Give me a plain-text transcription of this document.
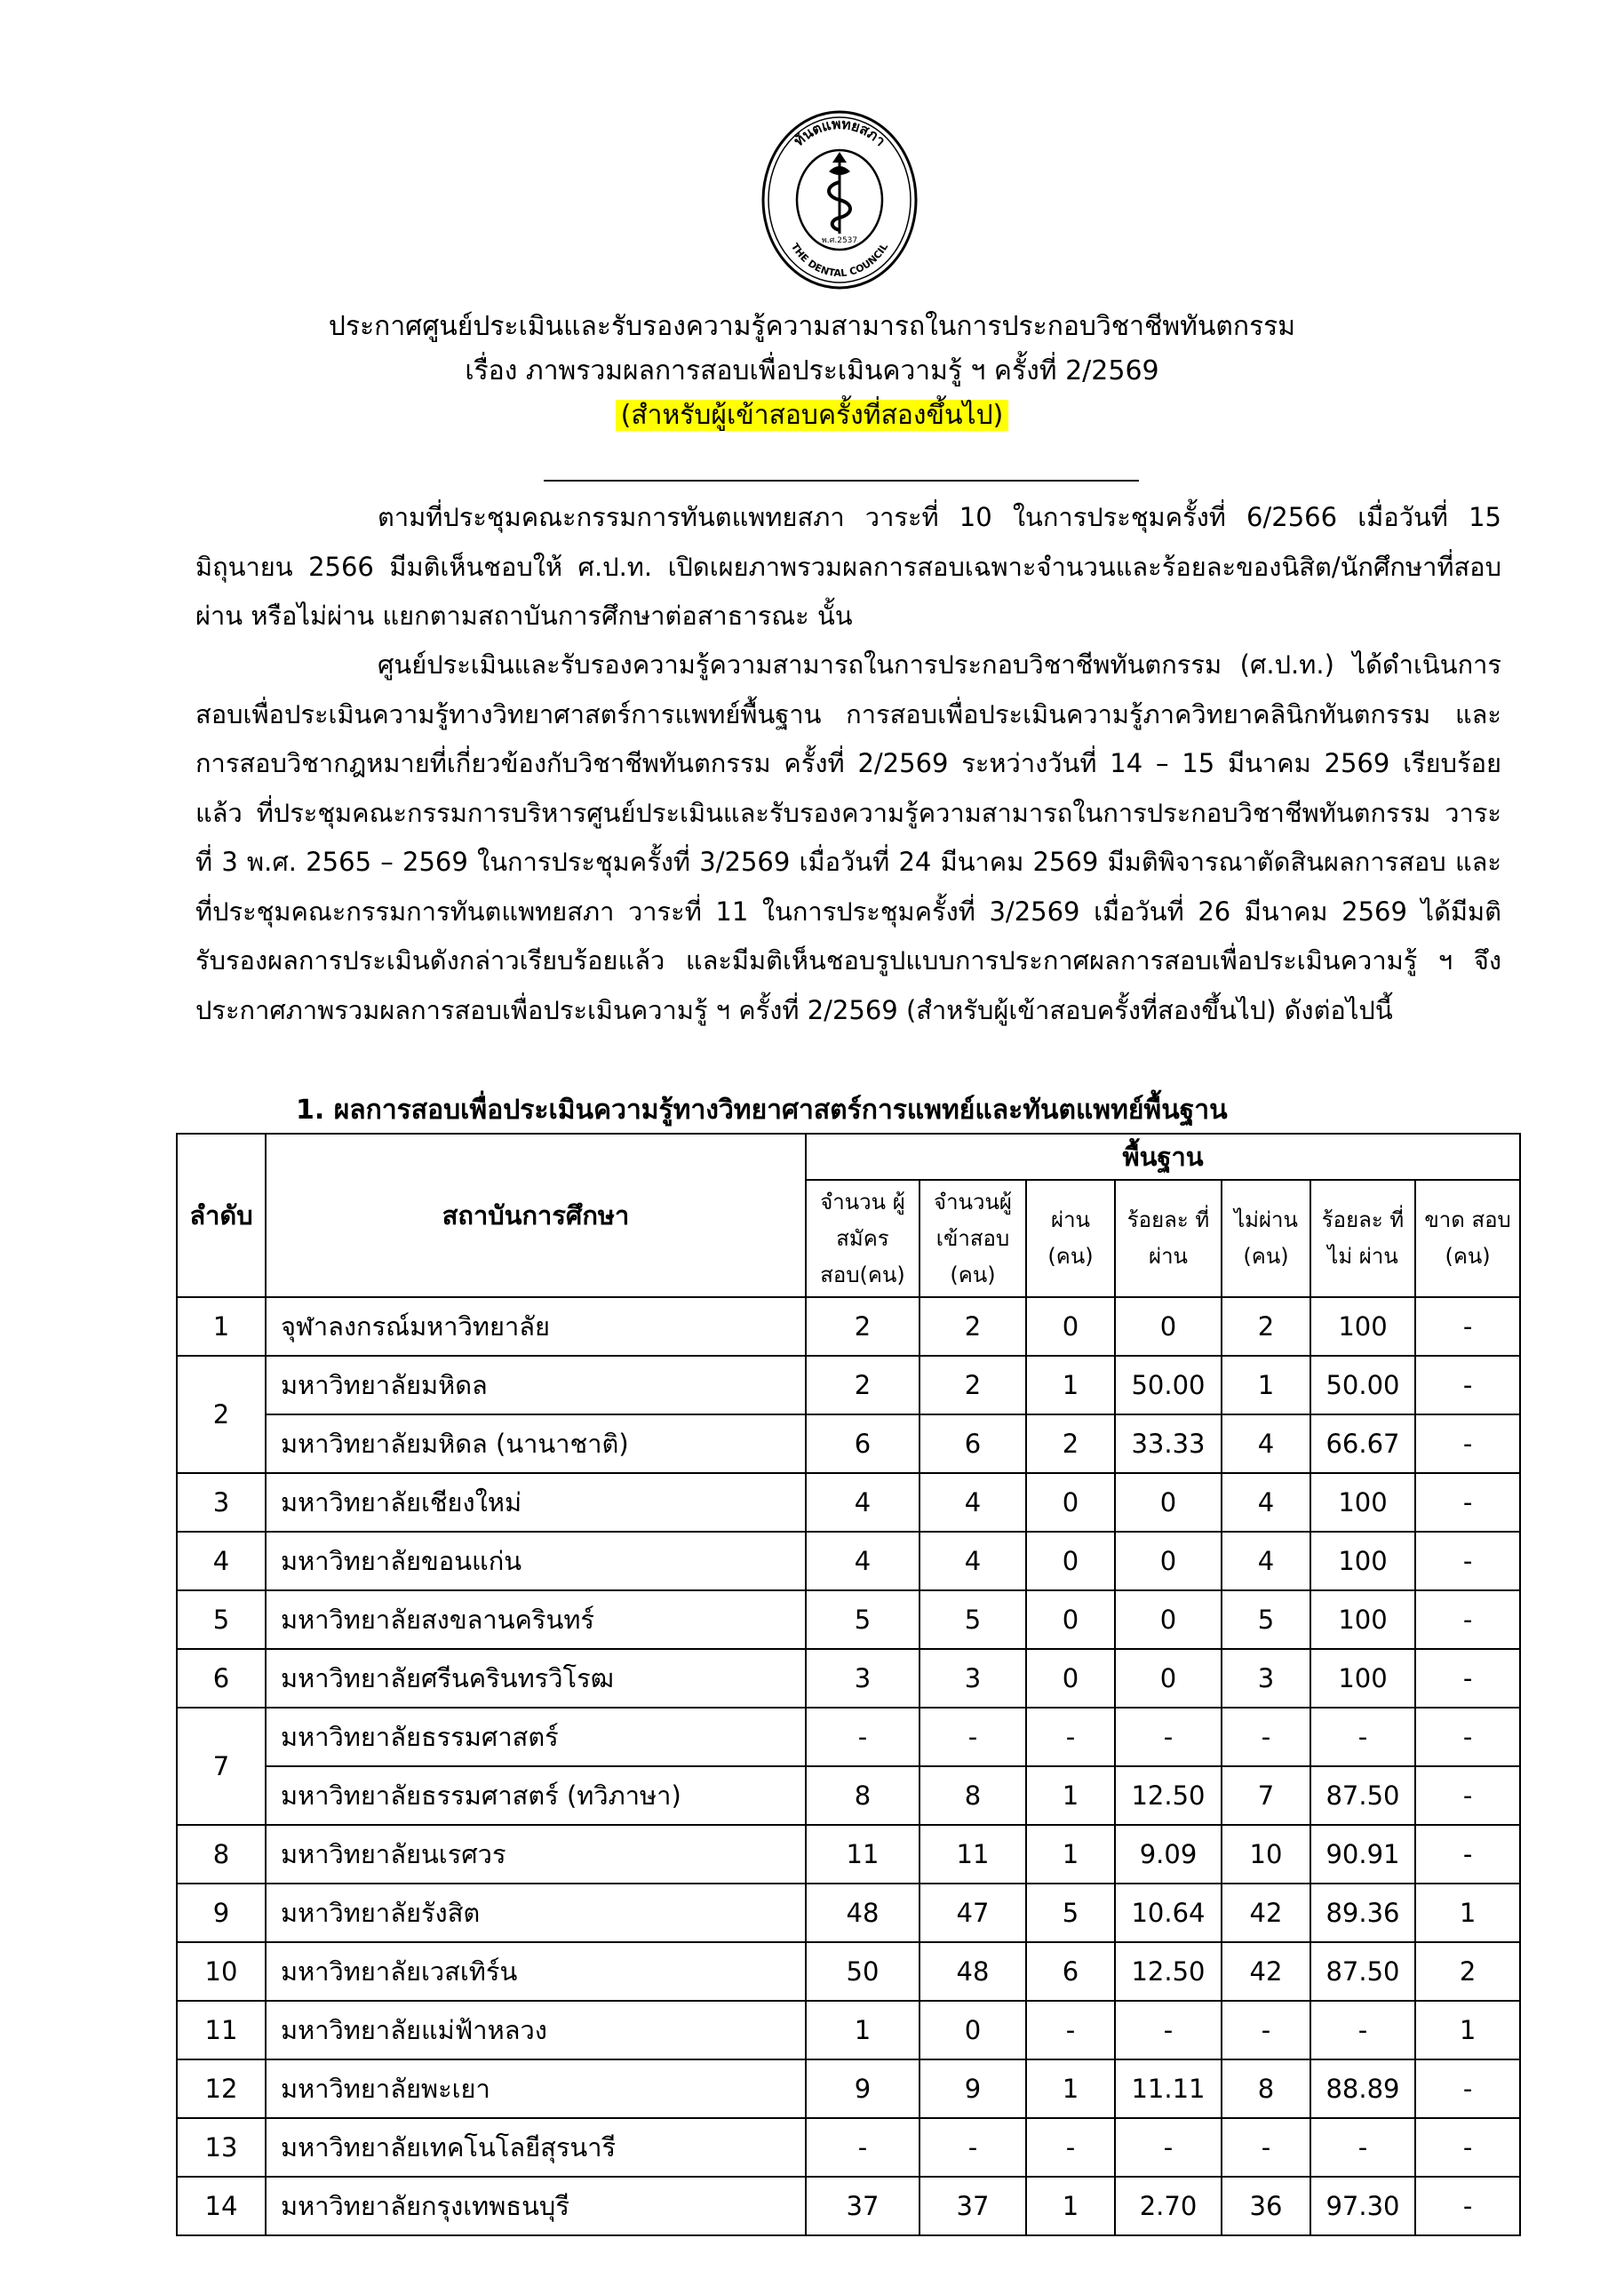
ทันตแพทยสภา
THE DENTAL COUNCIL
พ.ศ.2537
ประกาศศูนย์ประเมินและรับรองความรู้ความสามารถในการประกอบวิชาชีพทันตกรรม
เรื่อง ภาพรวมผลการสอบเพื่อประเมินความรู้ ฯ ครั้งที่ 2/2569
(สำหรับผู้เข้าสอบครั้งที่สองขึ้นไป)
ตามที่ประชุมคณะกรรมการทันตแพทยสภา วาระที่ 10 ในการประชุมครั้งที่ 6/2566 เมื่อวันที่ 15 มิถุนายน 2566 มีมติเห็นชอบให้ ศ.ป.ท. เปิดเผยภาพรวมผลการสอบเฉพาะจำนวนและร้อยละของนิสิต/นักศึกษาที่สอบผ่าน หรือไม่ผ่าน แยกตามสถาบันการศึกษาต่อสาธารณะ นั้น
ศูนย์ประเมินและรับรองความรู้ความสามารถในการประกอบวิชาชีพทันตกรรม (ศ.ป.ท.) ได้ดำเนินการสอบเพื่อประเมินความรู้ทางวิทยาศาสตร์การแพทย์พื้นฐาน การสอบเพื่อประเมินความรู้ภาควิทยาคลินิกทันตกรรม และการสอบวิชากฎหมายที่เกี่ยวข้องกับวิชาชีพทันตกรรม ครั้งที่ 2/2569 ระหว่างวันที่ 14 – 15 มีนาคม 2569 เรียบร้อยแล้ว ที่ประชุมคณะกรรมการบริหารศูนย์ประเมินและรับรองความรู้ความสามารถในการประกอบวิชาชีพทันตกรรม วาระที่ 3 พ.ศ. 2565 – 2569 ในการประชุมครั้งที่ 3/2569 เมื่อวันที่ 24 มีนาคม 2569 มีมติพิจารณาตัดสินผลการสอบ และที่ประชุมคณะกรรมการทันตแพทยสภา วาระที่ 11 ในการประชุมครั้งที่ 3/2569 เมื่อวันที่ 26 มีนาคม 2569 ได้มีมติรับรองผลการประเมินดังกล่าวเรียบร้อยแล้ว และมีมติเห็นชอบรูปแบบการประกาศผลการสอบเพื่อประเมินความรู้ ฯ จึงประกาศภาพรวมผลการสอบเพื่อประเมินความรู้ ฯ ครั้งที่ 2/2569 (สำหรับผู้เข้าสอบครั้งที่สองขึ้นไป) ดังต่อไปนี้
1. ผลการสอบเพื่อประเมินความรู้ทางวิทยาศาสตร์การแพทย์และทันตแพทย์พื้นฐาน
ลำดับ	สถาบันการศึกษา	พื้นฐาน						
		จำนวน ผู้สมัคร สอบ(คน)	จำนวนผู้ เข้าสอบ (คน)	ผ่าน (คน)	ร้อยละ ที่ผ่าน	ไม่ผ่าน (คน)	ร้อยละ ที่ไม่ ผ่าน	ขาด สอบ (คน)
1	จุฬาลงกรณ์มหาวิทยาลัย	2	2	0	0	2	100	-
2	มหาวิทยาลัยมหิดล	2	2	1	50.00	1	50.00	-
	มหาวิทยาลัยมหิดล (นานาชาติ)	6	6	2	33.33	4	66.67	-
3	มหาวิทยาลัยเชียงใหม่	4	4	0	0	4	100	-
4	มหาวิทยาลัยขอนแก่น	4	4	0	0	4	100	-
5	มหาวิทยาลัยสงขลานครินทร์	5	5	0	0	5	100	-
6	มหาวิทยาลัยศรีนครินทรวิโรฒ	3	3	0	0	3	100	-
7	มหาวิทยาลัยธรรมศาสตร์	-	-	-	-	-	-	-
	มหาวิทยาลัยธรรมศาสตร์ (ทวิภาษา)	8	8	1	12.50	7	87.50	-
8	มหาวิทยาลัยนเรศวร	11	11	1	9.09	10	90.91	-
9	มหาวิทยาลัยรังสิต	48	47	5	10.64	42	89.36	1
10	มหาวิทยาลัยเวสเทิร์น	50	48	6	12.50	42	87.50	2
11	มหาวิทยาลัยแม่ฟ้าหลวง	1	0	-	-	-	-	1
12	มหาวิทยาลัยพะเยา	9	9	1	11.11	8	88.89	-
13	มหาวิทยาลัยเทคโนโลยีสุรนารี	-	-	-	-	-	-	-
14	มหาวิทยาลัยกรุงเทพธนบุรี	37	37	1	2.70	36	97.30	-
